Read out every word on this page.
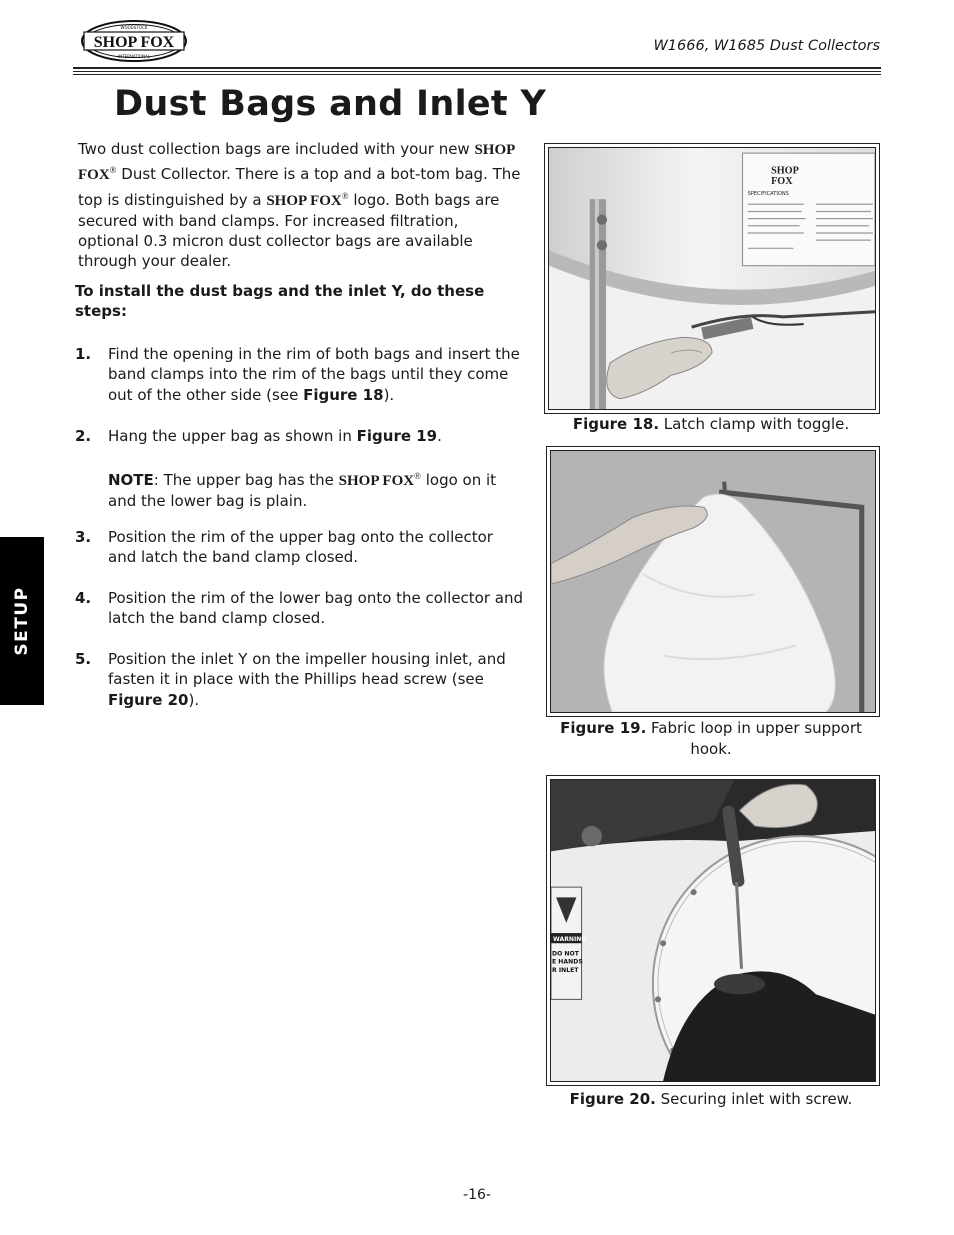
SHOP FOX
WOODSTOCK
INTERNATIONAL
W1666, W1685 Dust Collectors
Dust Bags and Inlet Y
Two dust collection bags are included with your new SHOP FOX® Dust Collector. There is a top and a bot-tom bag. The top is distinguished by a SHOP FOX® logo. Both bags are secured with band clamps. For increased filtration, optional 0.3 micron dust collector bags are available through your dealer.
To install the dust bags and the inlet Y, do these steps:
1. Find the opening in the rim of both bags and insert the band clamps into the rim of the bags until they come out of the other side (see Figure 18).
2. Hang the upper bag as shown in Figure 19.
NOTE: The upper bag has the SHOP FOX® logo on it and the lower bag is plain.
3. Position the rim of the upper bag onto the collector and latch the band clamp closed.
4. Position the rim of the lower bag onto the collector and latch the band clamp closed.
5. Position the inlet Y on the impeller housing inlet, and fasten it in place with the Phillips head screw (see Figure 20).
SETUP
SHOP
FOX
SPECIFICATIONS
Figure 18. Latch clamp with toggle.
Figure 19. Fabric loop in upper support hook.
WARNING
DO NOT
E HANDS
R INLET
Figure 20. Securing inlet with screw.
-16-
